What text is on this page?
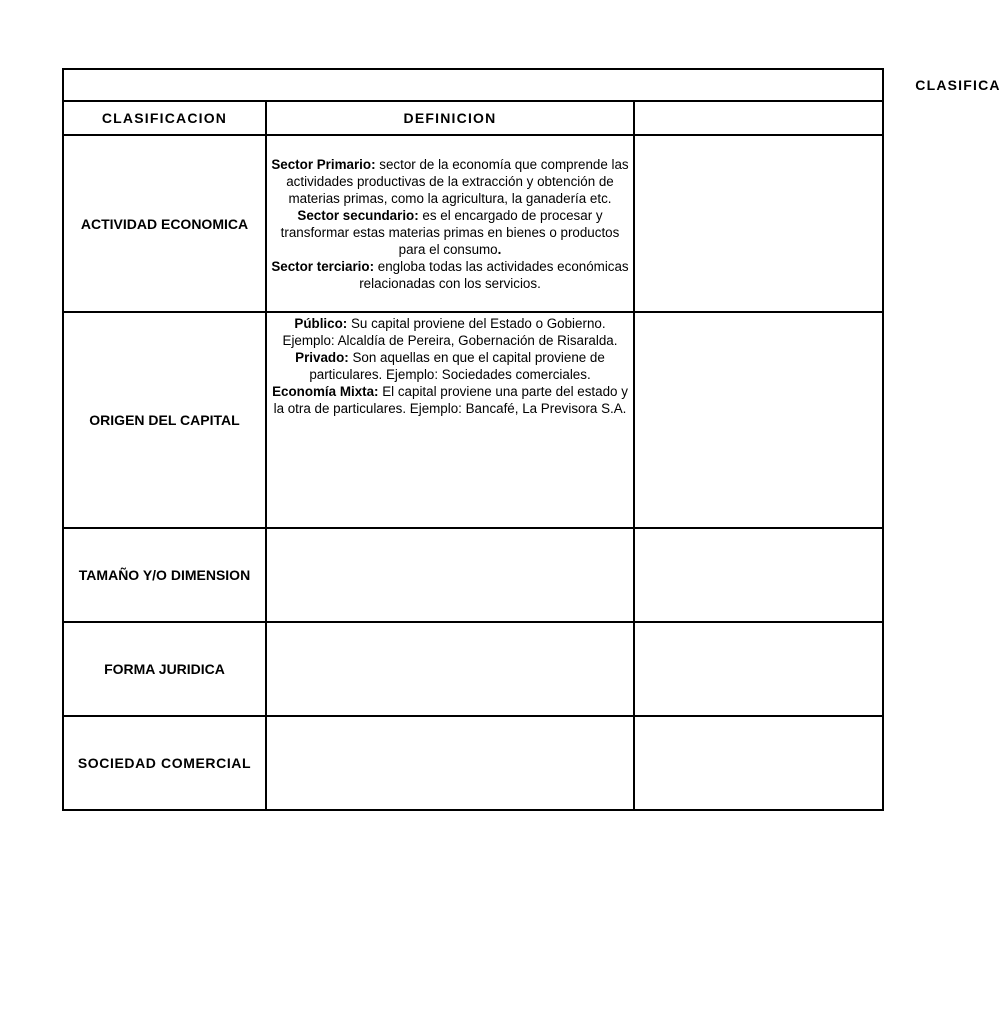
CLASIFICA		
CLASIFICACION	DEFINICION	
ACTIVIDAD ECONOMICA	Sector Primario: sector de la economía que comprende las actividades productivas de la extracción y obtención de materias primas, como la agricultura, la ganadería etc.

Sector secundario: es el encargado de procesar y transformar estas materias primas en bienes o productos para el consumo.

Sector terciario: engloba todas las actividades económicas relacionadas con los servicios.	

ORIGEN DEL CAPITAL	Público: Su capital proviene del Estado o Gobierno. Ejemplo: Alcaldía de Pereira, Gobernación de Risaralda.

Privado: Son aquellas en que el capital proviene de particulares. Ejemplo: Sociedades comerciales.

Economía Mixta: El capital proviene una parte del estado y la otra de particulares. Ejemplo: Bancafé, La Previsora S.A.	

TAMAÑO Y/O DIMENSION		
FORMA JURIDICA		
SOCIEDAD COMERCIAL		
